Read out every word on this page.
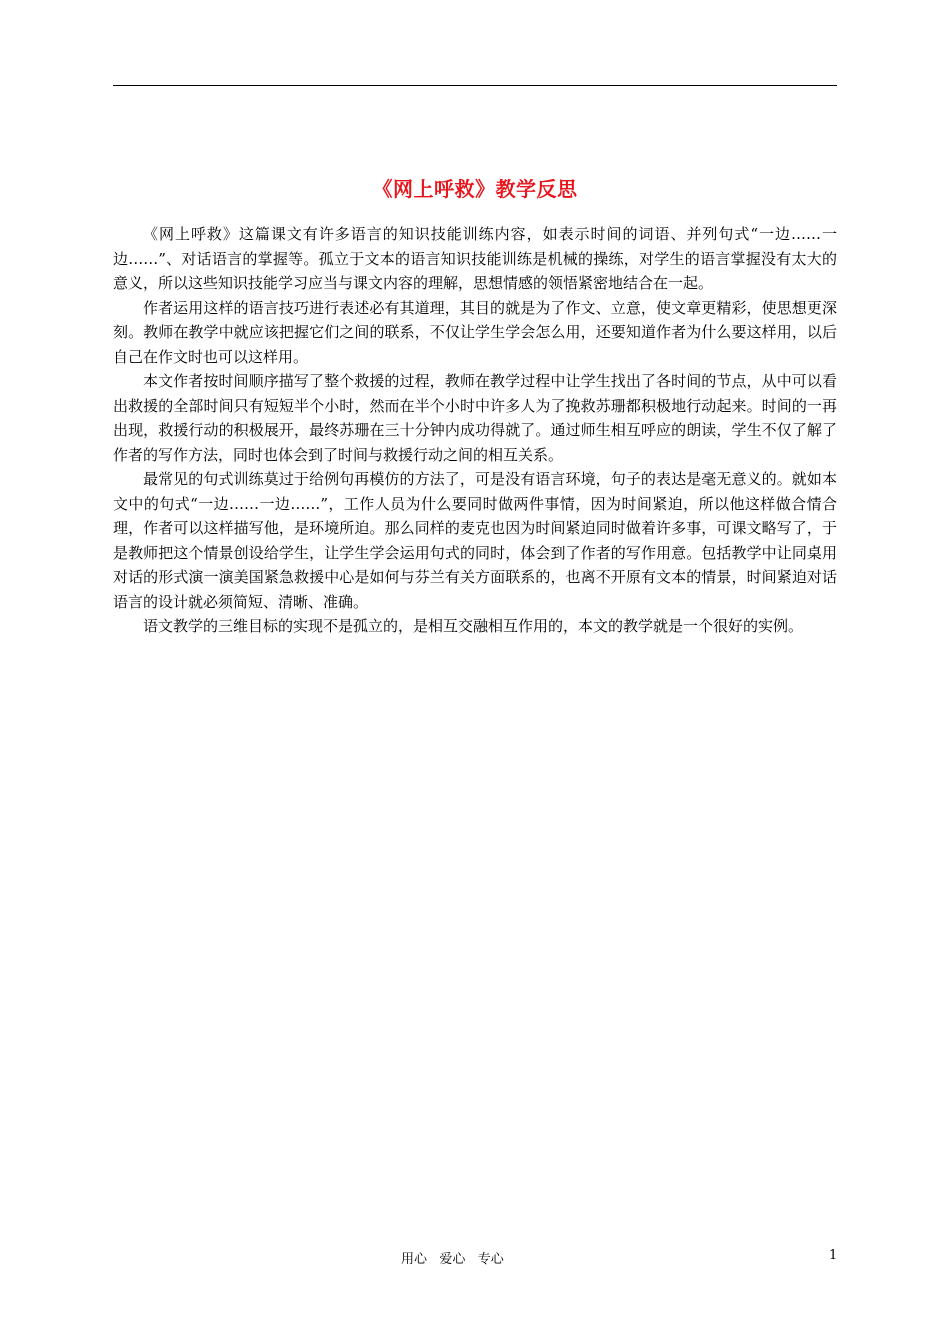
《网上呼救》教学反思

《网上呼救》这篇课文有许多语言的知识技能训练内容，如表示时间的词语、并列句式“一边……一边……”、对话语言的掌握等。孤立于文本的语言知识技能训练是机械的操练，对学生的语言掌握没有太大的意义，所以这些知识技能学习应当与课文内容的理解，思想情感的领悟紧密地结合在一起。

作者运用这样的语言技巧进行表述必有其道理，其目的就是为了作文、立意，使文章更精彩，使思想更深刻。教师在教学中就应该把握它们之间的联系，不仅让学生学会怎么用，还要知道作者为什么要这样用，以后自己在作文时也可以这样用。

本文作者按时间顺序描写了整个救援的过程，教师在教学过程中让学生找出了各时间的节点，从中可以看出救援的全部时间只有短短半个小时，然而在半个小时中许多人为了挽救苏珊都积极地行动起来。时间的一再出现，救援行动的积极展开，最终苏珊在三十分钟内成功得就了。通过师生相互呼应的朗读，学生不仅了解了作者的写作方法，同时也体会到了时间与救援行动之间的相互关系。

最常见的句式训练莫过于给例句再模仿的方法了，可是没有语言环境，句子的表达是毫无意义的。就如本文中的句式“一边……一边……”，工作人员为什么要同时做两件事情，因为时间紧迫，所以他这样做合情合理，作者可以这样描写他，是环境所迫。那么同样的麦克也因为时间紧迫同时做着许多事，可课文略写了，于是教师把这个情景创设给学生，让学生学会运用句式的同时，体会到了作者的写作用意。包括教学中让同桌用对话的形式演一演美国紧急救援中心是如何与芬兰有关方面联系的，也离不开原有文本的情景，时间紧迫对话语言的设计就必须简短、清晰、准确。

语文教学的三维目标的实现不是孤立的，是相互交融相互作用的，本文的教学就是一个很好的实例。

用心   爱心   专心	1
